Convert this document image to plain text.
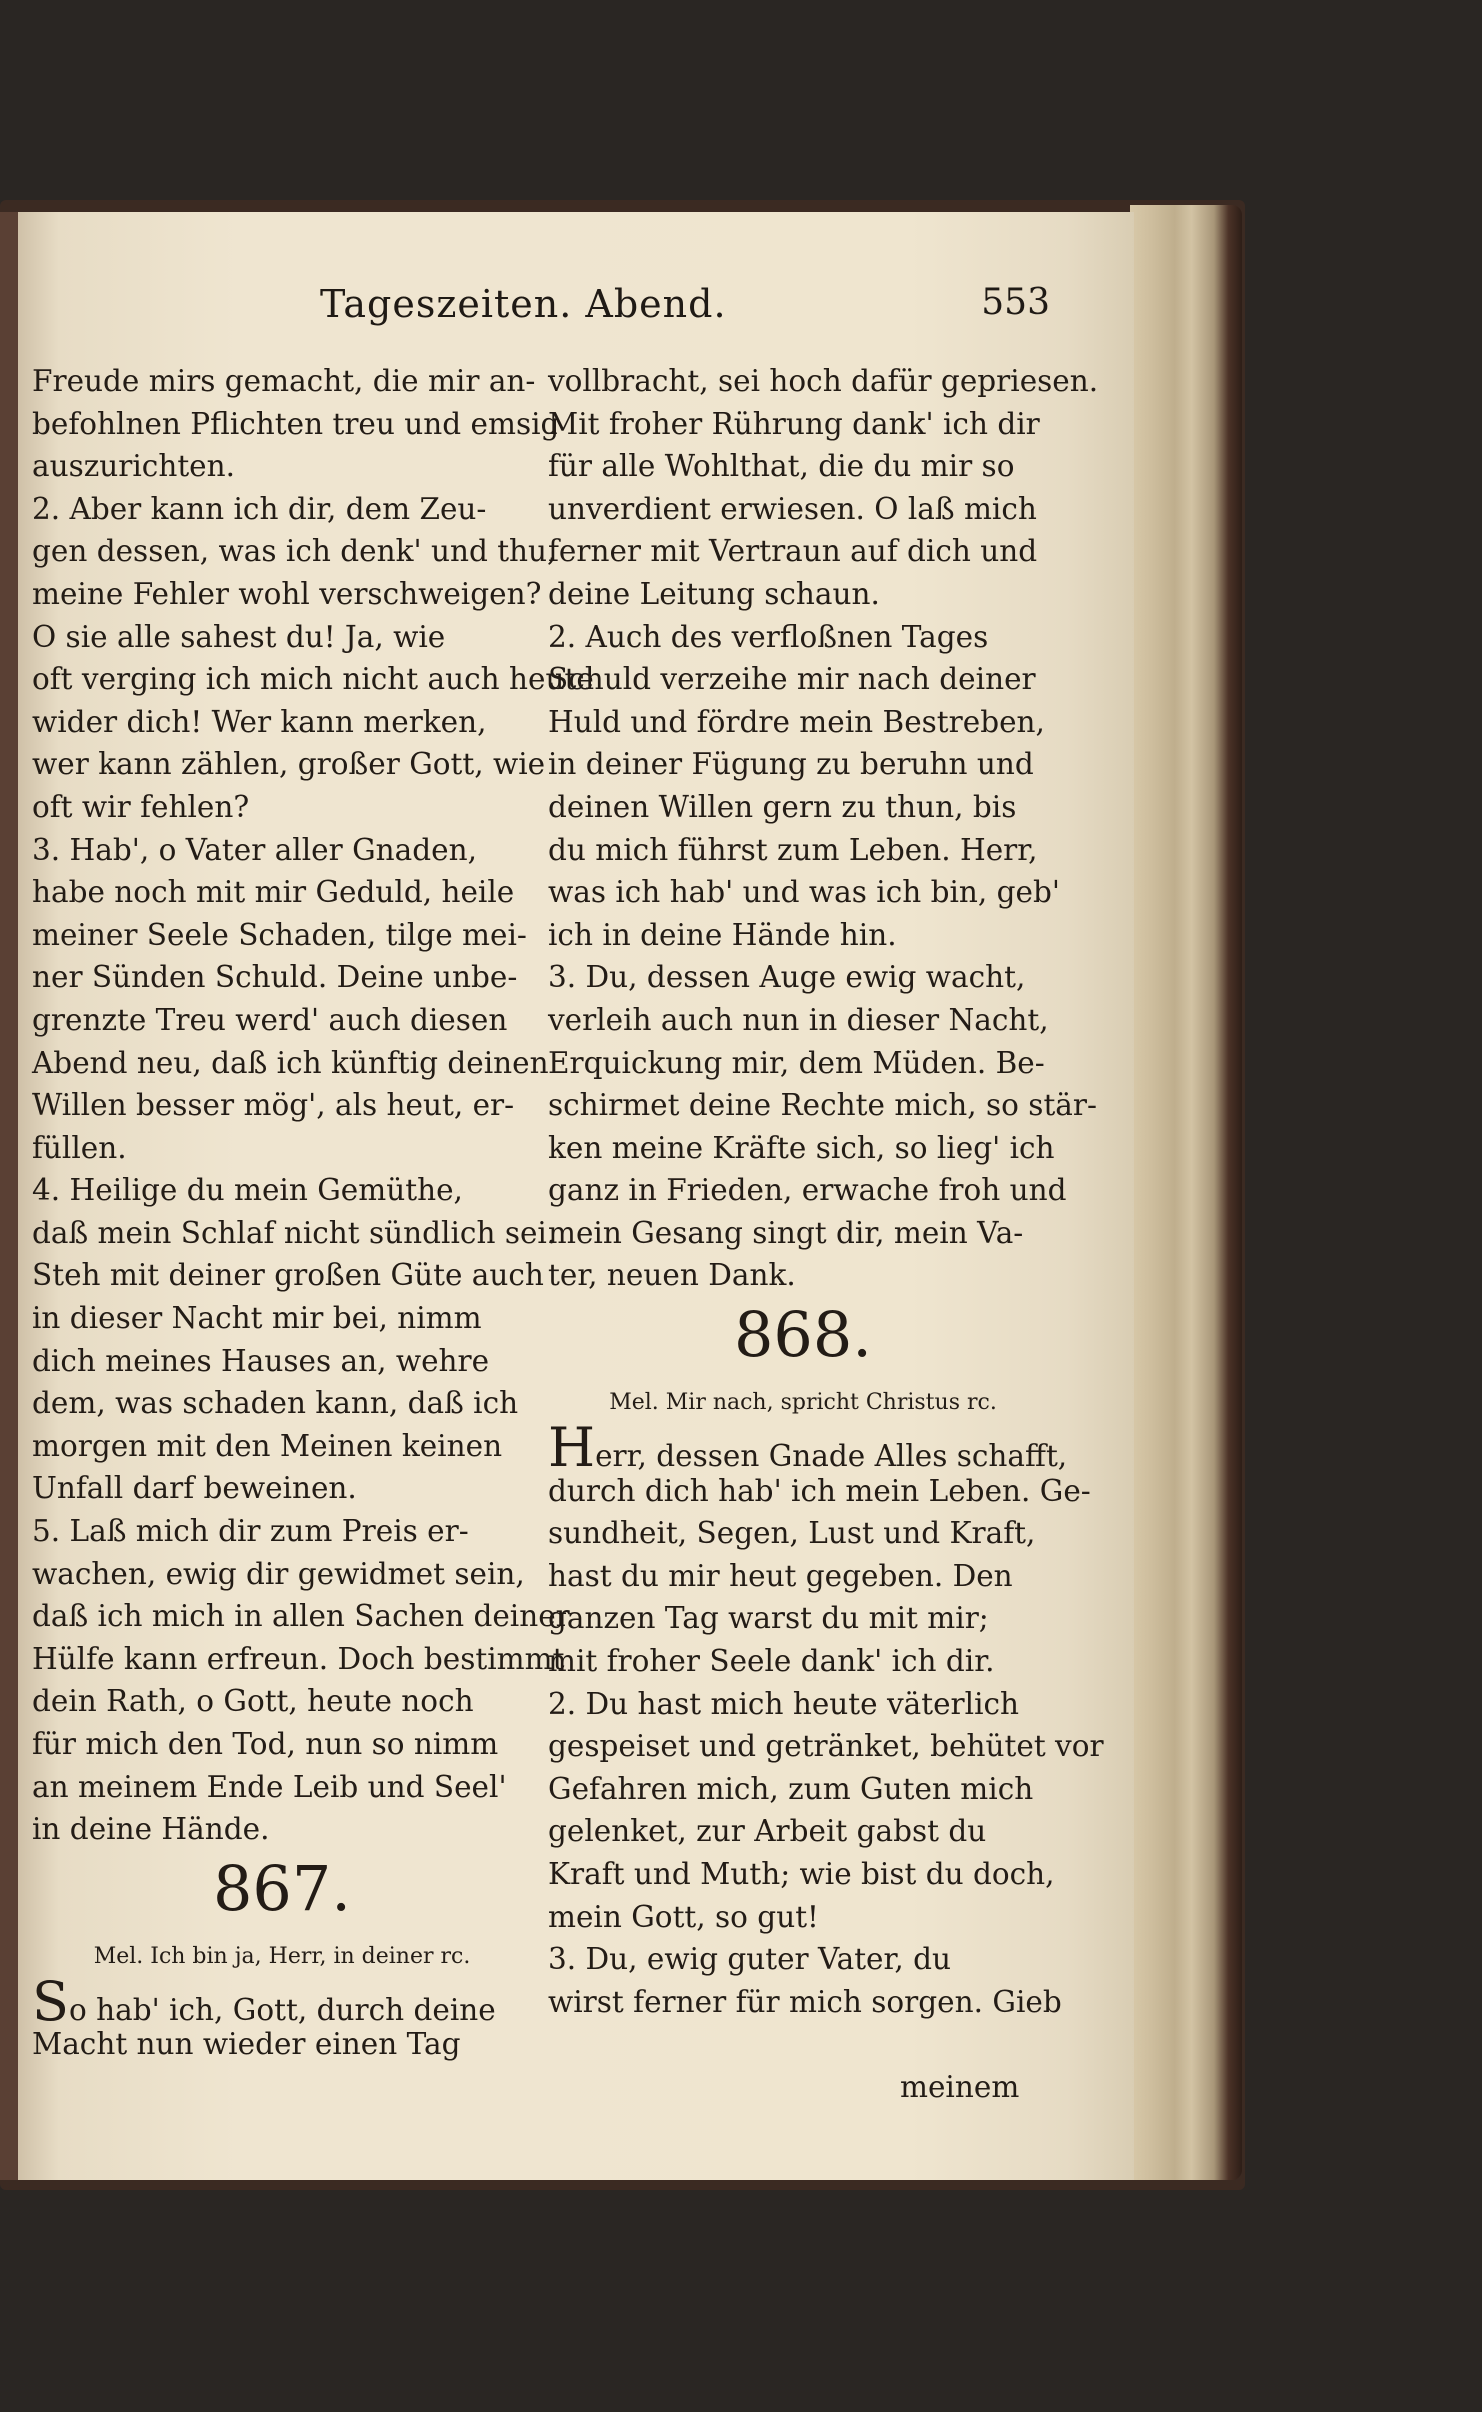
Tageszeiten. Abend.	553
Freude mirs gemacht, die mir an-
befohlnen Pflichten treu und emsig
auszurichten.
2. Aber kann ich dir, dem Zeu-
gen dessen, was ich denk' und thu,
meine Fehler wohl verschweigen?
O sie alle sahest du! Ja, wie
oft verging ich mich nicht auch heute
wider dich! Wer kann merken,
wer kann zählen, großer Gott, wie
oft wir fehlen?
3. Hab', o Vater aller Gnaden,
habe noch mit mir Geduld, heile
meiner Seele Schaden, tilge mei-
ner Sünden Schuld. Deine unbe-
grenzte Treu werd' auch diesen
Abend neu, daß ich künftig deinen
Willen besser mög', als heut, er-
füllen.
4. Heilige du mein Gemüthe,
daß mein Schlaf nicht sündlich sei.
Steh mit deiner großen Güte auch
in dieser Nacht mir bei, nimm
dich meines Hauses an, wehre
dem, was schaden kann, daß ich
morgen mit den Meinen keinen
Unfall darf beweinen.
5. Laß mich dir zum Preis er-
wachen, ewig dir gewidmet sein,
daß ich mich in allen Sachen deiner
Hülfe kann erfreun. Doch bestimmt
dein Rath, o Gott, heute noch
für mich den Tod, nun so nimm
an meinem Ende Leib und Seel'
in deine Hände.
867.
Mel. Ich bin ja, Herr, in deiner rc.
So hab' ich, Gott, durch deine
Macht nun wieder einen Tag
vollbracht, sei hoch dafür gepriesen.
Mit froher Rührung dank' ich dir
für alle Wohlthat, die du mir so
unverdient erwiesen. O laß mich
ferner mit Vertraun auf dich und
deine Leitung schaun.
2. Auch des verfloßnen Tages
Schuld verzeihe mir nach deiner
Huld und fördre mein Bestreben,
in deiner Fügung zu beruhn und
deinen Willen gern zu thun, bis
du mich führst zum Leben. Herr,
was ich hab' und was ich bin, geb'
ich in deine Hände hin.
3. Du, dessen Auge ewig wacht,
verleih auch nun in dieser Nacht,
Erquickung mir, dem Müden. Be-
schirmet deine Rechte mich, so stär-
ken meine Kräfte sich, so lieg' ich
ganz in Frieden, erwache froh und
mein Gesang singt dir, mein Va-
ter, neuen Dank.
868.
Mel. Mir nach, spricht Christus rc.
Herr, dessen Gnade Alles schafft,
durch dich hab' ich mein Leben. Ge-
sundheit, Segen, Lust und Kraft,
hast du mir heut gegeben. Den
ganzen Tag warst du mit mir;
mit froher Seele dank' ich dir.
2. Du hast mich heute väterlich
gespeiset und getränket, behütet vor
Gefahren mich, zum Guten mich
gelenket, zur Arbeit gabst du
Kraft und Muth; wie bist du doch,
mein Gott, so gut!
3. Du, ewig guter Vater, du
wirst ferner für mich sorgen. Gieb
meinem
